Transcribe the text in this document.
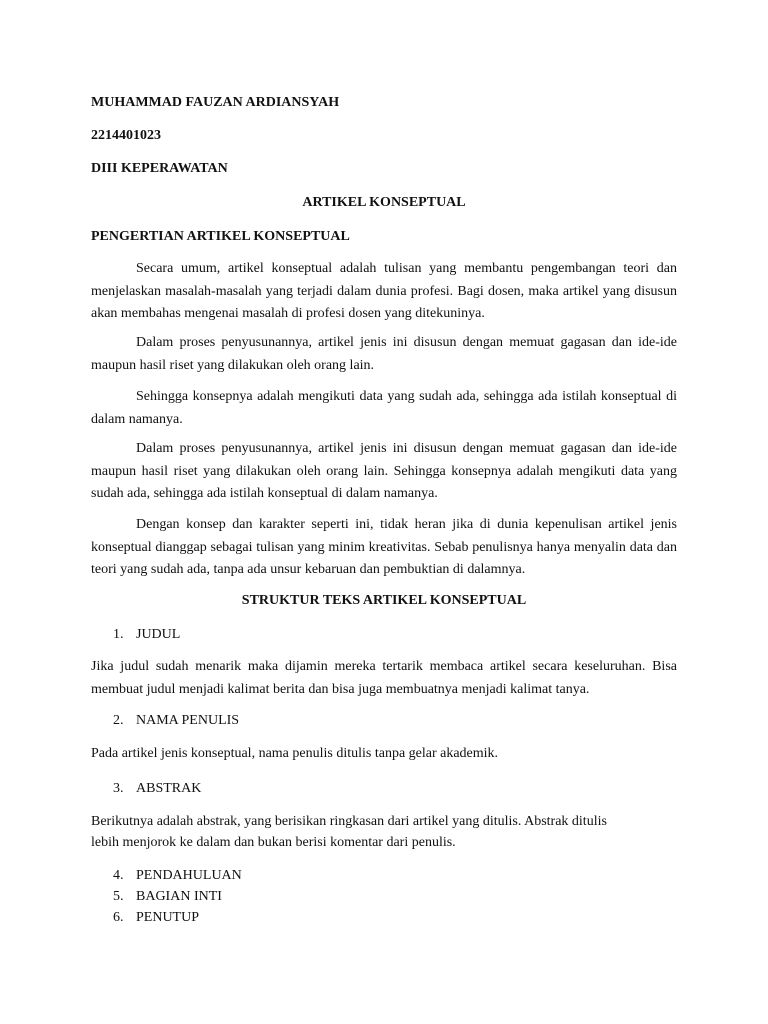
MUHAMMAD FAUZAN ARDIANSYAH
2214401023
DIII KEPERAWATAN
ARTIKEL KONSEPTUAL
PENGERTIAN ARTIKEL KONSEPTUAL
Secara umum, artikel konseptual adalah tulisan yang membantu pengembangan teori dan menjelaskan masalah-masalah yang terjadi dalam dunia profesi. Bagi dosen, maka artikel yang disusun akan membahas mengenai masalah di profesi dosen yang ditekuninya.
Dalam proses penyusunannya, artikel jenis ini disusun dengan memuat gagasan dan ide-ide maupun hasil riset yang dilakukan oleh orang lain.
Sehingga konsepnya adalah mengikuti data yang sudah ada, sehingga ada istilah konseptual di dalam namanya.
Dalam proses penyusunannya, artikel jenis ini disusun dengan memuat gagasan dan ide-ide maupun hasil riset yang dilakukan oleh orang lain. Sehingga konsepnya adalah mengikuti data yang sudah ada, sehingga ada istilah konseptual di dalam namanya.
Dengan konsep dan karakter seperti ini, tidak heran jika di dunia kepenulisan artikel jenis konseptual dianggap sebagai tulisan yang minim kreativitas. Sebab penulisnya hanya menyalin data dan teori yang sudah ada, tanpa ada unsur kebaruan dan pembuktian di dalamnya.
STRUKTUR TEKS ARTIKEL KONSEPTUAL
1. JUDUL
Jika judul sudah menarik maka dijamin mereka tertarik membaca artikel secara keseluruhan. Bisa membuat judul menjadi kalimat berita dan bisa juga membuatnya menjadi kalimat tanya.
2. NAMA PENULIS
Pada artikel jenis konseptual, nama penulis ditulis tanpa gelar akademik.
3. ABSTRAK
Berikutnya adalah abstrak, yang berisikan ringkasan dari artikel yang ditulis. Abstrak ditulis
lebih menjorok ke dalam dan bukan berisi komentar dari penulis.
4. PENDAHULUAN
5. BAGIAN INTI
6. PENUTUP
